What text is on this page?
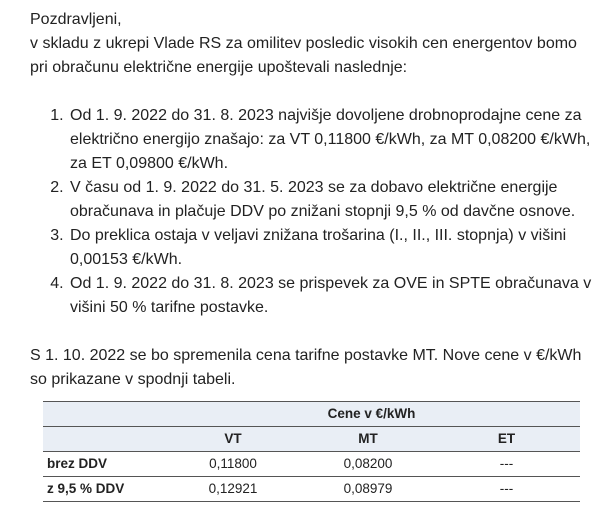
Pozdravljeni,

v skladu z ukrepi Vlade RS za omilitev posledic visokih cen energentov bomo

pri obračunu električne energije upoštevali naslednje:

1. Od 1. 9. 2022 do 31. 8. 2023 najvišje dovoljene drobnoprodajne cene za električno energijo znašajo: za VT 0,11800 €/kWh, za MT 0,08200 €/kWh, za ET 0,09800 €/kWh.
2. V času od 1. 9. 2022 do 31. 5. 2023 se za dobavo električne energije obračunava in plačuje DDV po znižani stopnji 9,5 % od davčne osnove.
3. Do preklica ostaja v veljavi znižana trošarina (I., II., III. stopnja) v višini 0,00153 €/kWh.
4. Od 1. 9. 2022 do 31. 8. 2023 se prispevek za OVE in SPTE obračunava v višini 50 % tarifne postavke.

S 1. 10. 2022 se bo spremenila cena tarifne postavke MT. Nove cene v €/kWh

so prikazane v spodnji tabeli.

	Cene v €/kWh		
	VT	MT	ET
brez DDV	0,11800	0,08200	---
z 9,5 % DDV	0,12921	0,08979	---
